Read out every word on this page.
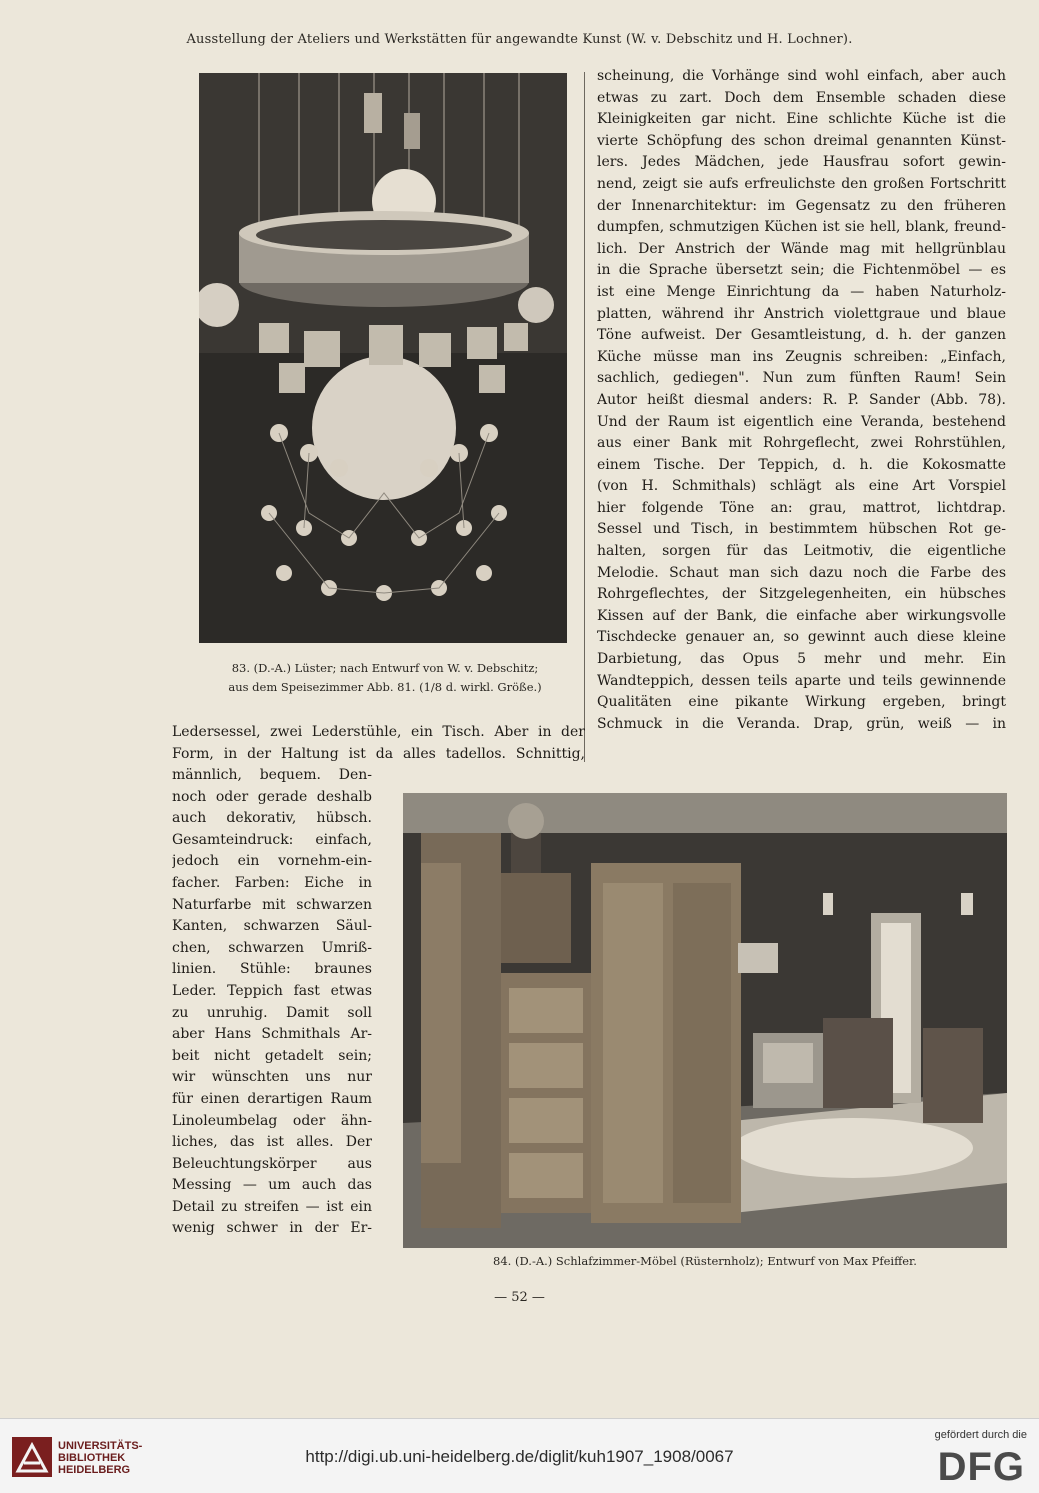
Ausstellung der Ateliers und Werkstätten für angewandte Kunst (W. v. Debschitz und H. Lochner).
83. (D.-A.) Lüster; nach Entwurf von W. v. Debschitz;
aus dem Speisezimmer Abb. 81. (1/8 d. wirkl. Größe.)
scheinung, die Vorhänge sind wohl einfach, aber auch
etwas zu zart. Doch dem Ensemble schaden diese
Kleinigkeiten gar nicht. Eine schlichte Küche ist die
vierte Schöpfung des schon dreimal genannten Künst-
lers. Jedes Mädchen, jede Hausfrau sofort gewin-
nend, zeigt sie aufs erfreulichste den großen Fortschritt
der Innenarchitektur: im Gegensatz zu den früheren
dumpfen, schmutzigen Küchen ist sie hell, blank, freund-
lich. Der Anstrich der Wände mag mit hellgrünblau
in die Sprache übersetzt sein; die Fichtenmöbel — es
ist eine Menge Einrichtung da — haben Naturholz-
platten, während ihr Anstrich violettgraue und blaue
Töne aufweist. Der Gesamtleistung, d. h. der ganzen
Küche müsse man ins Zeugnis schreiben: „Einfach,
sachlich, gediegen". Nun zum fünften Raum! Sein
Autor heißt diesmal anders: R. P. Sander (Abb. 78).
Und der Raum ist eigentlich eine Veranda, bestehend
aus einer Bank mit Rohrgeflecht, zwei Rohrstühlen,
einem Tische. Der Teppich, d. h. die Kokosmatte
(von H. Schmithals) schlägt als eine Art Vorspiel
hier folgende Töne an: grau, mattrot, lichtdrap.
Sessel und Tisch, in bestimmtem hübschen Rot ge-
halten, sorgen für das Leitmotiv, die eigentliche
Melodie. Schaut man sich dazu noch die Farbe des
Rohrgeflechtes, der Sitzgelegenheiten, ein hübsches
Kissen auf der Bank, die einfache aber wirkungsvolle
Tischdecke genauer an, so gewinnt auch diese kleine
Darbietung, das Opus 5 mehr und mehr. Ein
Wandteppich, dessen teils aparte und teils gewinnende
Qualitäten eine pikante Wirkung ergeben, bringt
Schmuck in die Veranda. Drap, grün, weiß — in
Ledersessel, zwei Lederstühle, ein Tisch. Aber in der
Form, in der Haltung ist da alles tadellos. Schnittig,
männlich, bequem. Den-
noch oder gerade deshalb
auch dekorativ, hübsch.
Gesamteindruck: einfach,
jedoch ein vornehm-ein-
facher. Farben: Eiche in
Naturfarbe mit schwarzen
Kanten, schwarzen Säul-
chen, schwarzen Umriß-
linien. Stühle: braunes
Leder. Teppich fast etwas
zu unruhig. Damit soll
aber Hans Schmithals Ar-
beit nicht getadelt sein;
wir wünschten uns nur
für einen derartigen Raum
Linoleumbelag oder ähn-
liches, das ist alles. Der
Beleuchtungskörper aus
Messing — um auch das
Detail zu streifen — ist ein
wenig schwer in der Er-
84. (D.-A.) Schlafzimmer-Möbel (Rüsternholz); Entwurf von Max Pfeiffer.
— 52 —
UNIVERSITÄTS-
BIBLIOTHEK
HEIDELBERG
http://digi.ub.uni-heidelberg.de/diglit/kuh1907_1908/0067
gefördert durch die
DFG
